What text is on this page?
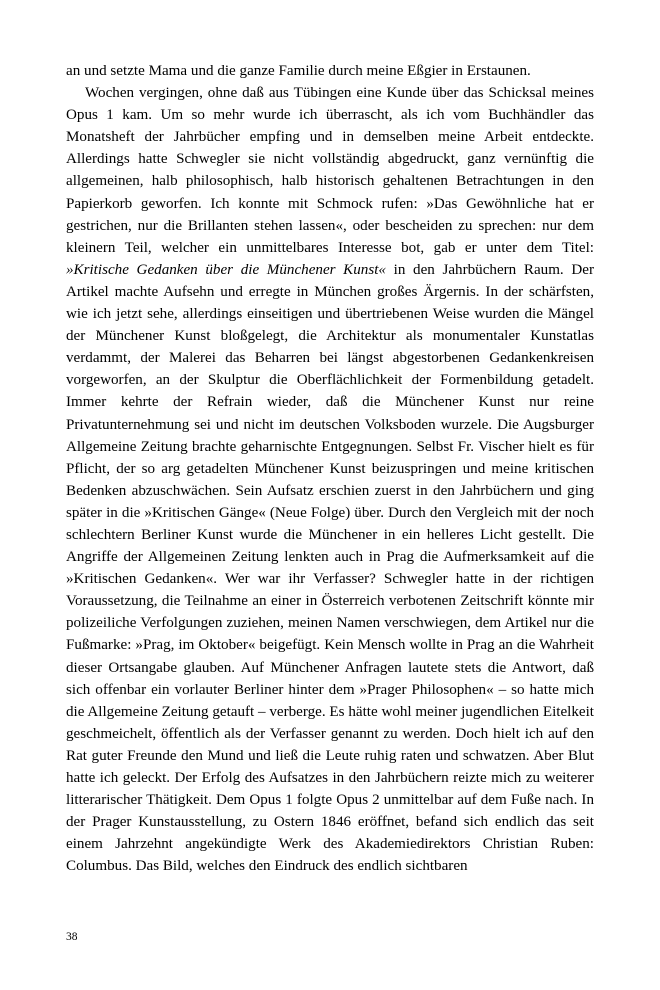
an und setzte Mama und die ganze Familie durch meine Eßgier in Erstaunen.

Wochen vergingen, ohne daß aus Tübingen eine Kunde über das Schicksal meines Opus 1 kam. Um so mehr wurde ich überrascht, als ich vom Buchhändler das Monatsheft der Jahrbücher empfing und in demselben meine Arbeit entdeckte. Allerdings hatte Schwegler sie nicht vollständig abgedruckt, ganz vernünftig die allgemeinen, halb philosophisch, halb historisch gehaltenen Betrachtungen in den Papierkorb geworfen. Ich konnte mit Schmock rufen: »Das Gewöhnliche hat er gestrichen, nur die Brillanten stehen lassen«, oder bescheiden zu sprechen: nur dem kleinern Teil, welcher ein unmittelbares Interesse bot, gab er unter dem Titel: »Kritische Gedanken über die Münchener Kunst« in den Jahrbüchern Raum. Der Artikel machte Aufsehn und erregte in München großes Ärgernis. In der schärfsten, wie ich jetzt sehe, allerdings einseitigen und übertriebenen Weise wurden die Mängel der Münchener Kunst bloßgelegt, die Architektur als monumentaler Kunstatlas verdammt, der Malerei das Beharren bei längst abgestorbenen Gedankenkreisen vorgeworfen, an der Skulptur die Oberflächlichkeit der Formenbildung getadelt. Immer kehrte der Refrain wieder, daß die Münchener Kunst nur reine Privatunternehmung sei und nicht im deutschen Volksboden wurzele. Die Augsburger Allgemeine Zeitung brachte geharnischte Entgegnungen. Selbst Fr. Vischer hielt es für Pflicht, der so arg getadelten Münchener Kunst beizuspringen und meine kritischen Bedenken abzuschwächen. Sein Aufsatz erschien zuerst in den Jahrbüchern und ging später in die »Kritischen Gänge« (Neue Folge) über. Durch den Vergleich mit der noch schlechtern Berliner Kunst wurde die Münchener in ein helleres Licht gestellt. Die Angriffe der Allgemeinen Zeitung lenkten auch in Prag die Aufmerksamkeit auf die »Kritischen Gedanken«. Wer war ihr Verfasser? Schwegler hatte in der richtigen Voraussetzung, die Teilnahme an einer in Österreich verbotenen Zeitschrift könnte mir polizeiliche Verfolgungen zuziehen, meinen Namen verschwiegen, dem Artikel nur die Fußmarke: »Prag, im Oktober« beigefügt. Kein Mensch wollte in Prag an die Wahrheit dieser Ortsangabe glauben. Auf Münchener Anfragen lautete stets die Antwort, daß sich offenbar ein vorlauter Berliner hinter dem »Prager Philosophen« – so hatte mich die Allgemeine Zeitung getauft – verberge. Es hätte wohl meiner jugendlichen Eitelkeit geschmeichelt, öffentlich als der Verfasser genannt zu werden. Doch hielt ich auf den Rat guter Freunde den Mund und ließ die Leute ruhig raten und schwatzen. Aber Blut hatte ich geleckt. Der Erfolg des Aufsatzes in den Jahrbüchern reizte mich zu weiterer litterarischer Thätigkeit. Dem Opus 1 folgte Opus 2 unmittelbar auf dem Fuße nach. In der Prager Kunstausstellung, zu Ostern 1846 eröffnet, befand sich endlich das seit einem Jahrzehnt angekündigte Werk des Akademiedirektors Christian Ruben: Columbus. Das Bild, welches den Eindruck des endlich sichtbaren

38
